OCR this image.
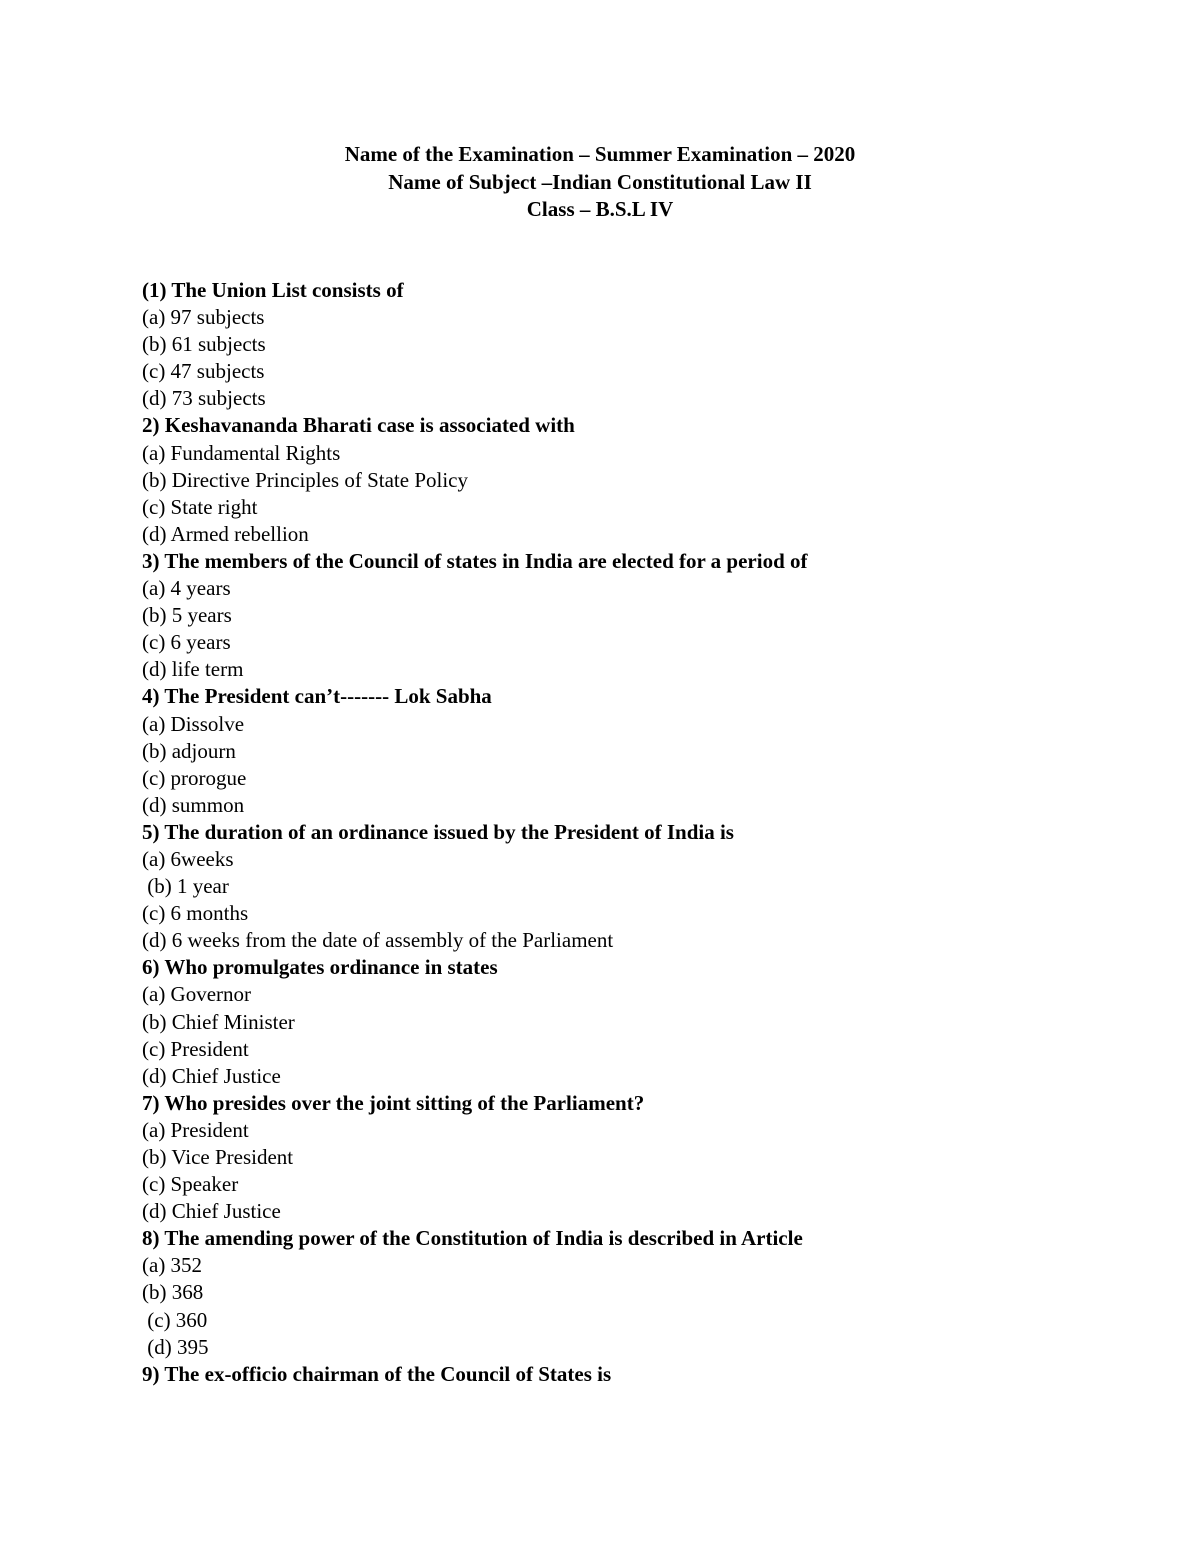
Name of the Examination – Summer Examination – 2020
Name of Subject –Indian Constitutional Law II
Class – B.S.L IV
(1) The Union List consists of
(a) 97 subjects
(b) 61 subjects
(c) 47 subjects
(d) 73 subjects
2) Keshavananda Bharati case is associated with
(a) Fundamental Rights
(b) Directive Principles of State Policy
(c) State right
(d) Armed rebellion
3) The members of the Council of states in India are elected for a period of
(a) 4 years
(b) 5 years
(c) 6 years
(d) life term
4) The President can’t------- Lok Sabha
(a) Dissolve
(b) adjourn
(c) prorogue
(d) summon
5) The duration of an ordinance issued by the President of India is
(a) 6weeks
(b) 1 year
(c) 6 months
(d) 6 weeks from the date of assembly of the Parliament
6) Who promulgates ordinance in states
(a) Governor
(b) Chief Minister
(c) President
(d) Chief Justice
7) Who presides over the joint sitting of the Parliament?
(a) President
(b) Vice President
(c) Speaker
(d) Chief Justice
8) The amending power of the Constitution of India is described in Article
(a) 352
(b) 368
(c) 360
(d) 395
9) The ex-officio chairman of the Council of States is
